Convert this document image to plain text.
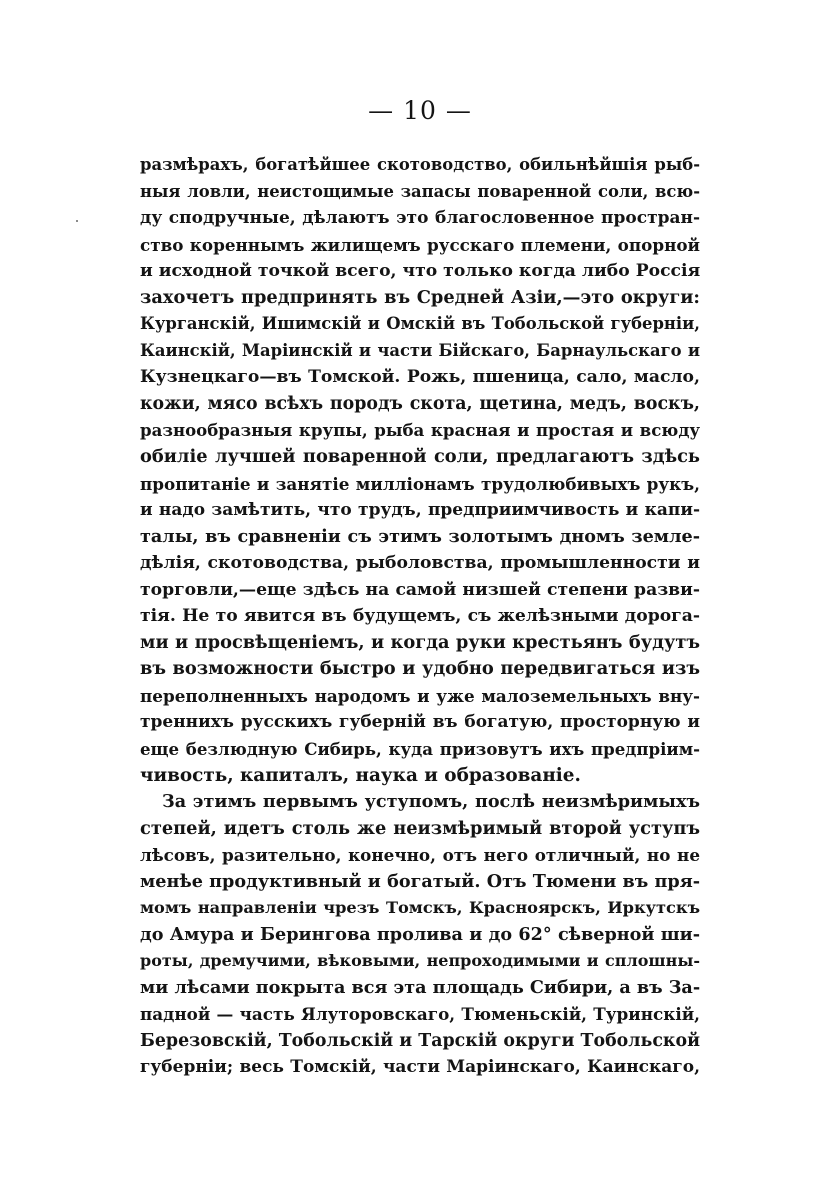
— 10 —
размѣрахъ, богатѣйшее скотоводство, обильнѣйшiя рыб-
ныя ловли, неистощимые запасы поваренной соли, всю-
ду сподручные, дѣлаютъ это благословенное простран-
ство кореннымъ жилищемъ русскаго племени, опорной
и исходной точкой всего, что только когда либо Россiя
захочетъ предпринять въ Средней Азiи,—это округи:
Курганскiй, Ишимскiй и Омскiй въ Тобольской губернiи,
Каинскiй, Марiинскiй и части Бiйскаго, Барнаульскаго и
Кузнецкаго—въ Томской. Рожь, пшеница, сало, масло,
кожи, мясо всѣхъ породъ скота, щетина, медъ, воскъ,
разнообразныя крупы, рыба красная и простая и всюду
обилiе лучшей поваренной соли, предлагаютъ здѣсь
пропитанiе и занятiе миллiонамъ трудолюбивыхъ рукъ,
и надо замѣтить, что трудъ, предприимчивость и капи-
талы, въ сравненiи съ этимъ золотымъ дномъ земле-
дѣлiя, скотоводства, рыболовства, промышленности и
торговли,—еще здѣсь на самой низшей степени разви-
тiя. Не то явится въ будущемъ, съ желѣзными дорога-
ми и просвѣщенiемъ, и когда руки крестьянъ будутъ
въ возможности быстро и удобно передвигаться изъ
переполненныхъ народомъ и уже малоземельныхъ вну-
треннихъ русскихъ губернiй въ богатую, просторную и
еще безлюдную Сибирь, куда призовутъ ихъ предпрiим-
чивость, капиталъ, наука и образованiе.
За этимъ первымъ уступомъ, послѣ неизмѣримыхъ
степей, идетъ столь же неизмѣримый второй уступъ
лѣсовъ, разительно, конечно, отъ него отличный, но не
менѣе продуктивный и богатый. Отъ Тюмени въ пря-
момъ направленiи чрезъ Томскъ, Красноярскъ, Иркутскъ
до Амура и Берингова пролива и до 62° сѣверной ши-
роты, дремучими, вѣковыми, непроходимыми и сплошны-
ми лѣсами покрыта вся эта площадь Сибири, а въ За-
падной — часть Ялуторовскаго, Тюменьскiй, Туринскiй,
Березовскiй, Тобольскiй и Тарскiй округи Тобольской
губернiи; весь Томскiй, части Марiинскаго, Каинскаго,
